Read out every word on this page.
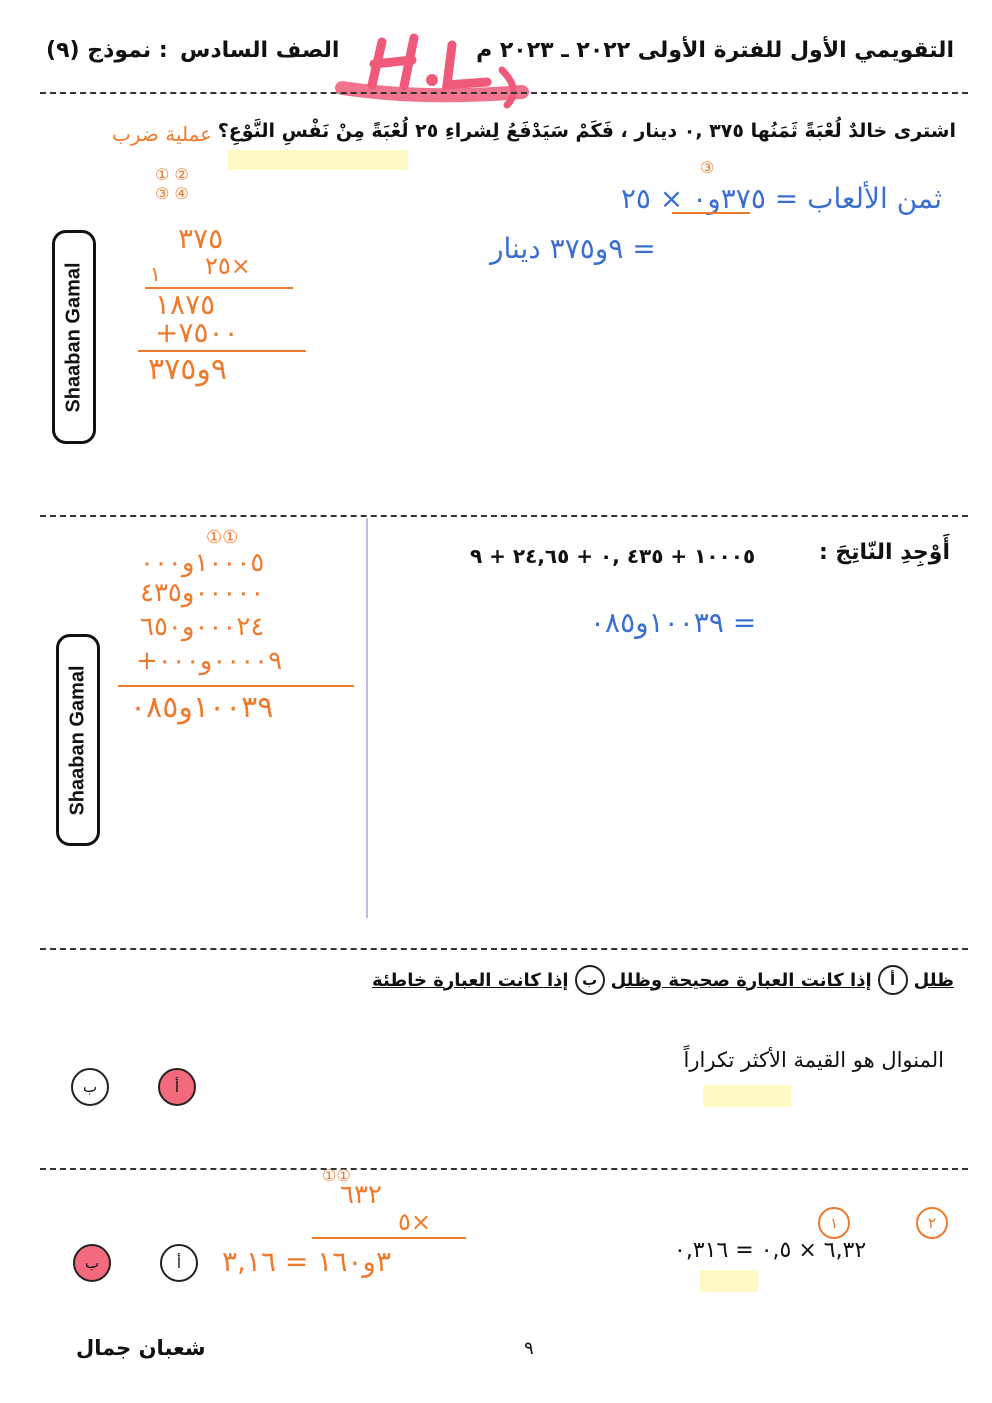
التقويمي الأول للفترة الأولى ٢٠٢٢ ـ ٢٠٢٣ م
الصف السادس
: نموذج (٩)
اشترى خالدٌ لُعْبَةً ثَمَنُها ٣٧٥ ,٠ دينار ، فَكَمْ سَيَدْفَعُ لِشراءِ ٢٥ لُعْبَةً مِنْ نَفْسِ النَّوْعِ؟
عملية ضرب
Shaaban Gamal
① ②
③ ④
٣٧٥
٢٥×
١
١٨٧٥
+٧٥٠٠
٩و٣٧٥
③
ثمن الألعاب = ٣٧٥و٠ × ٢٥
= ٩و٣٧٥ دينار
أَوْجِدِ النّاتِجَ :
١٠٠٠٥ + ٤٣٥ ,٠ + ٢٤,٦٥ + ٩
= ١٠٠٣٩و٠٨٥
Shaaban Gamal
①①
١٠٠٠٥و٠٠٠
٠٠٠٠٠و٤٣٥
٠٠٠٢٤و٦٥٠
+٠٠٠٠٩و٠٠٠
١٠٠٣٩و٠٨٥
ظلل
أ
إذا كانت العبارة صحيحة وظلل
ب
إذا كانت العبارة خاطئة
المنوال هو القيمة الأكثر تكراراً
أ
ب
١	٢
٦,٣٢ × ٠,٥ = ٠,٣١٦
①①
٦٣٢
٥×
٣و١٦٠ = ٣,١٦
أ
ب
شعبان جمال	٩
